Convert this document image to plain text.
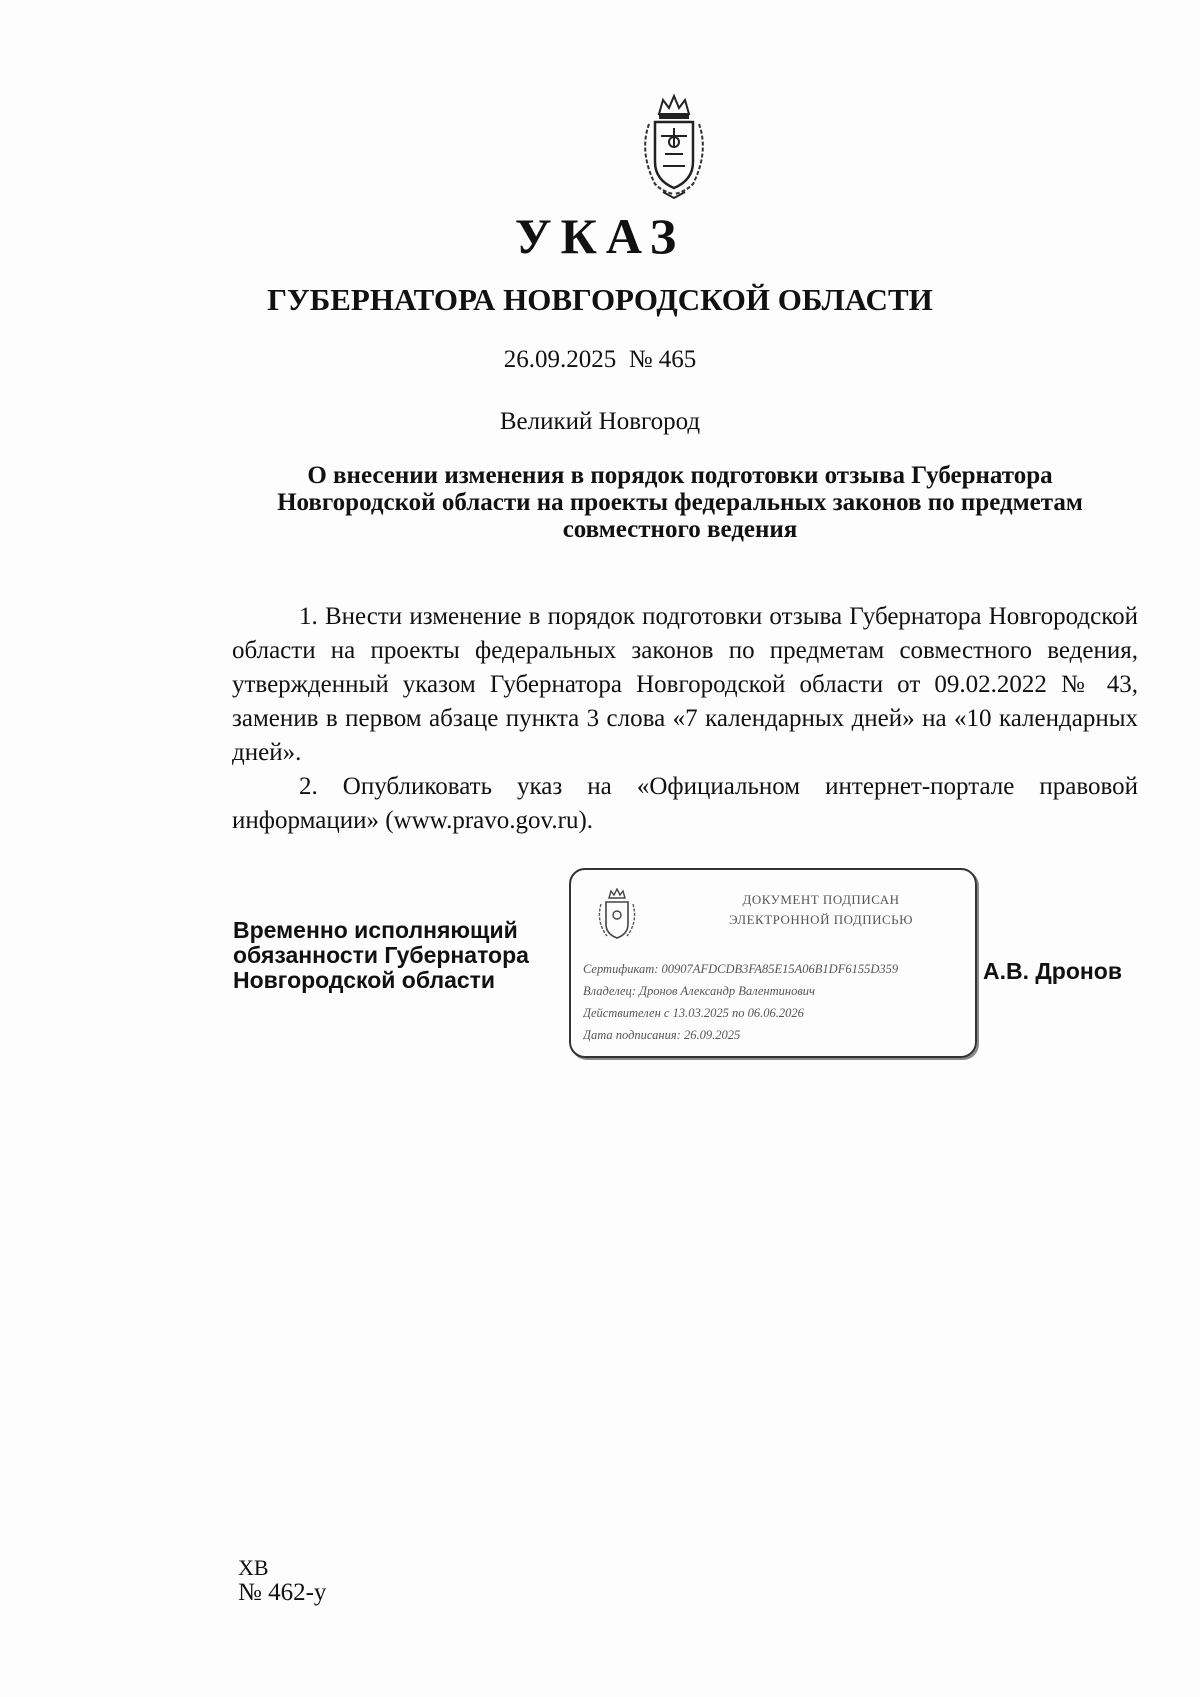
УКАЗ
ГУБЕРНАТОРА НОВГОРОДСКОЙ ОБЛАСТИ
26.09.2025 № 465
Великий Новгород
О внесении изменения в порядок подготовки отзыва Губернатора
Новгородской области на проекты федеральных законов по предметам
совместного ведения

1. Внести изменение в порядок подготовки отзыва Губернатора Новгородской области на проекты федеральных законов по предметам совместного ведения, утвержденный указом Губернатора Новгородской области от 09.02.2022 № 43, заменив в первом абзаце пункта 3 слова «7 календарных дней» на «10 календарных дней».

2. Опубликовать указ на «Официальном интернет-портале правовой информации» (www.pravo.gov.ru).

Временно исполняющий
обязанности Губернатора
Новгородской области
ДОКУМЕНТ ПОДПИСАН
ЭЛЕКТРОННОЙ ПОДПИСЬЮ
Сертификат: 00907AFDCDB3FA85E15A06B1DF6155D359
Владелец: Дронов Александр Валентинович
Действителен с 13.03.2025 по 06.06.2026
Дата подписания: 26.09.2025
А.В. Дронов
ХВ
№ 462-у
